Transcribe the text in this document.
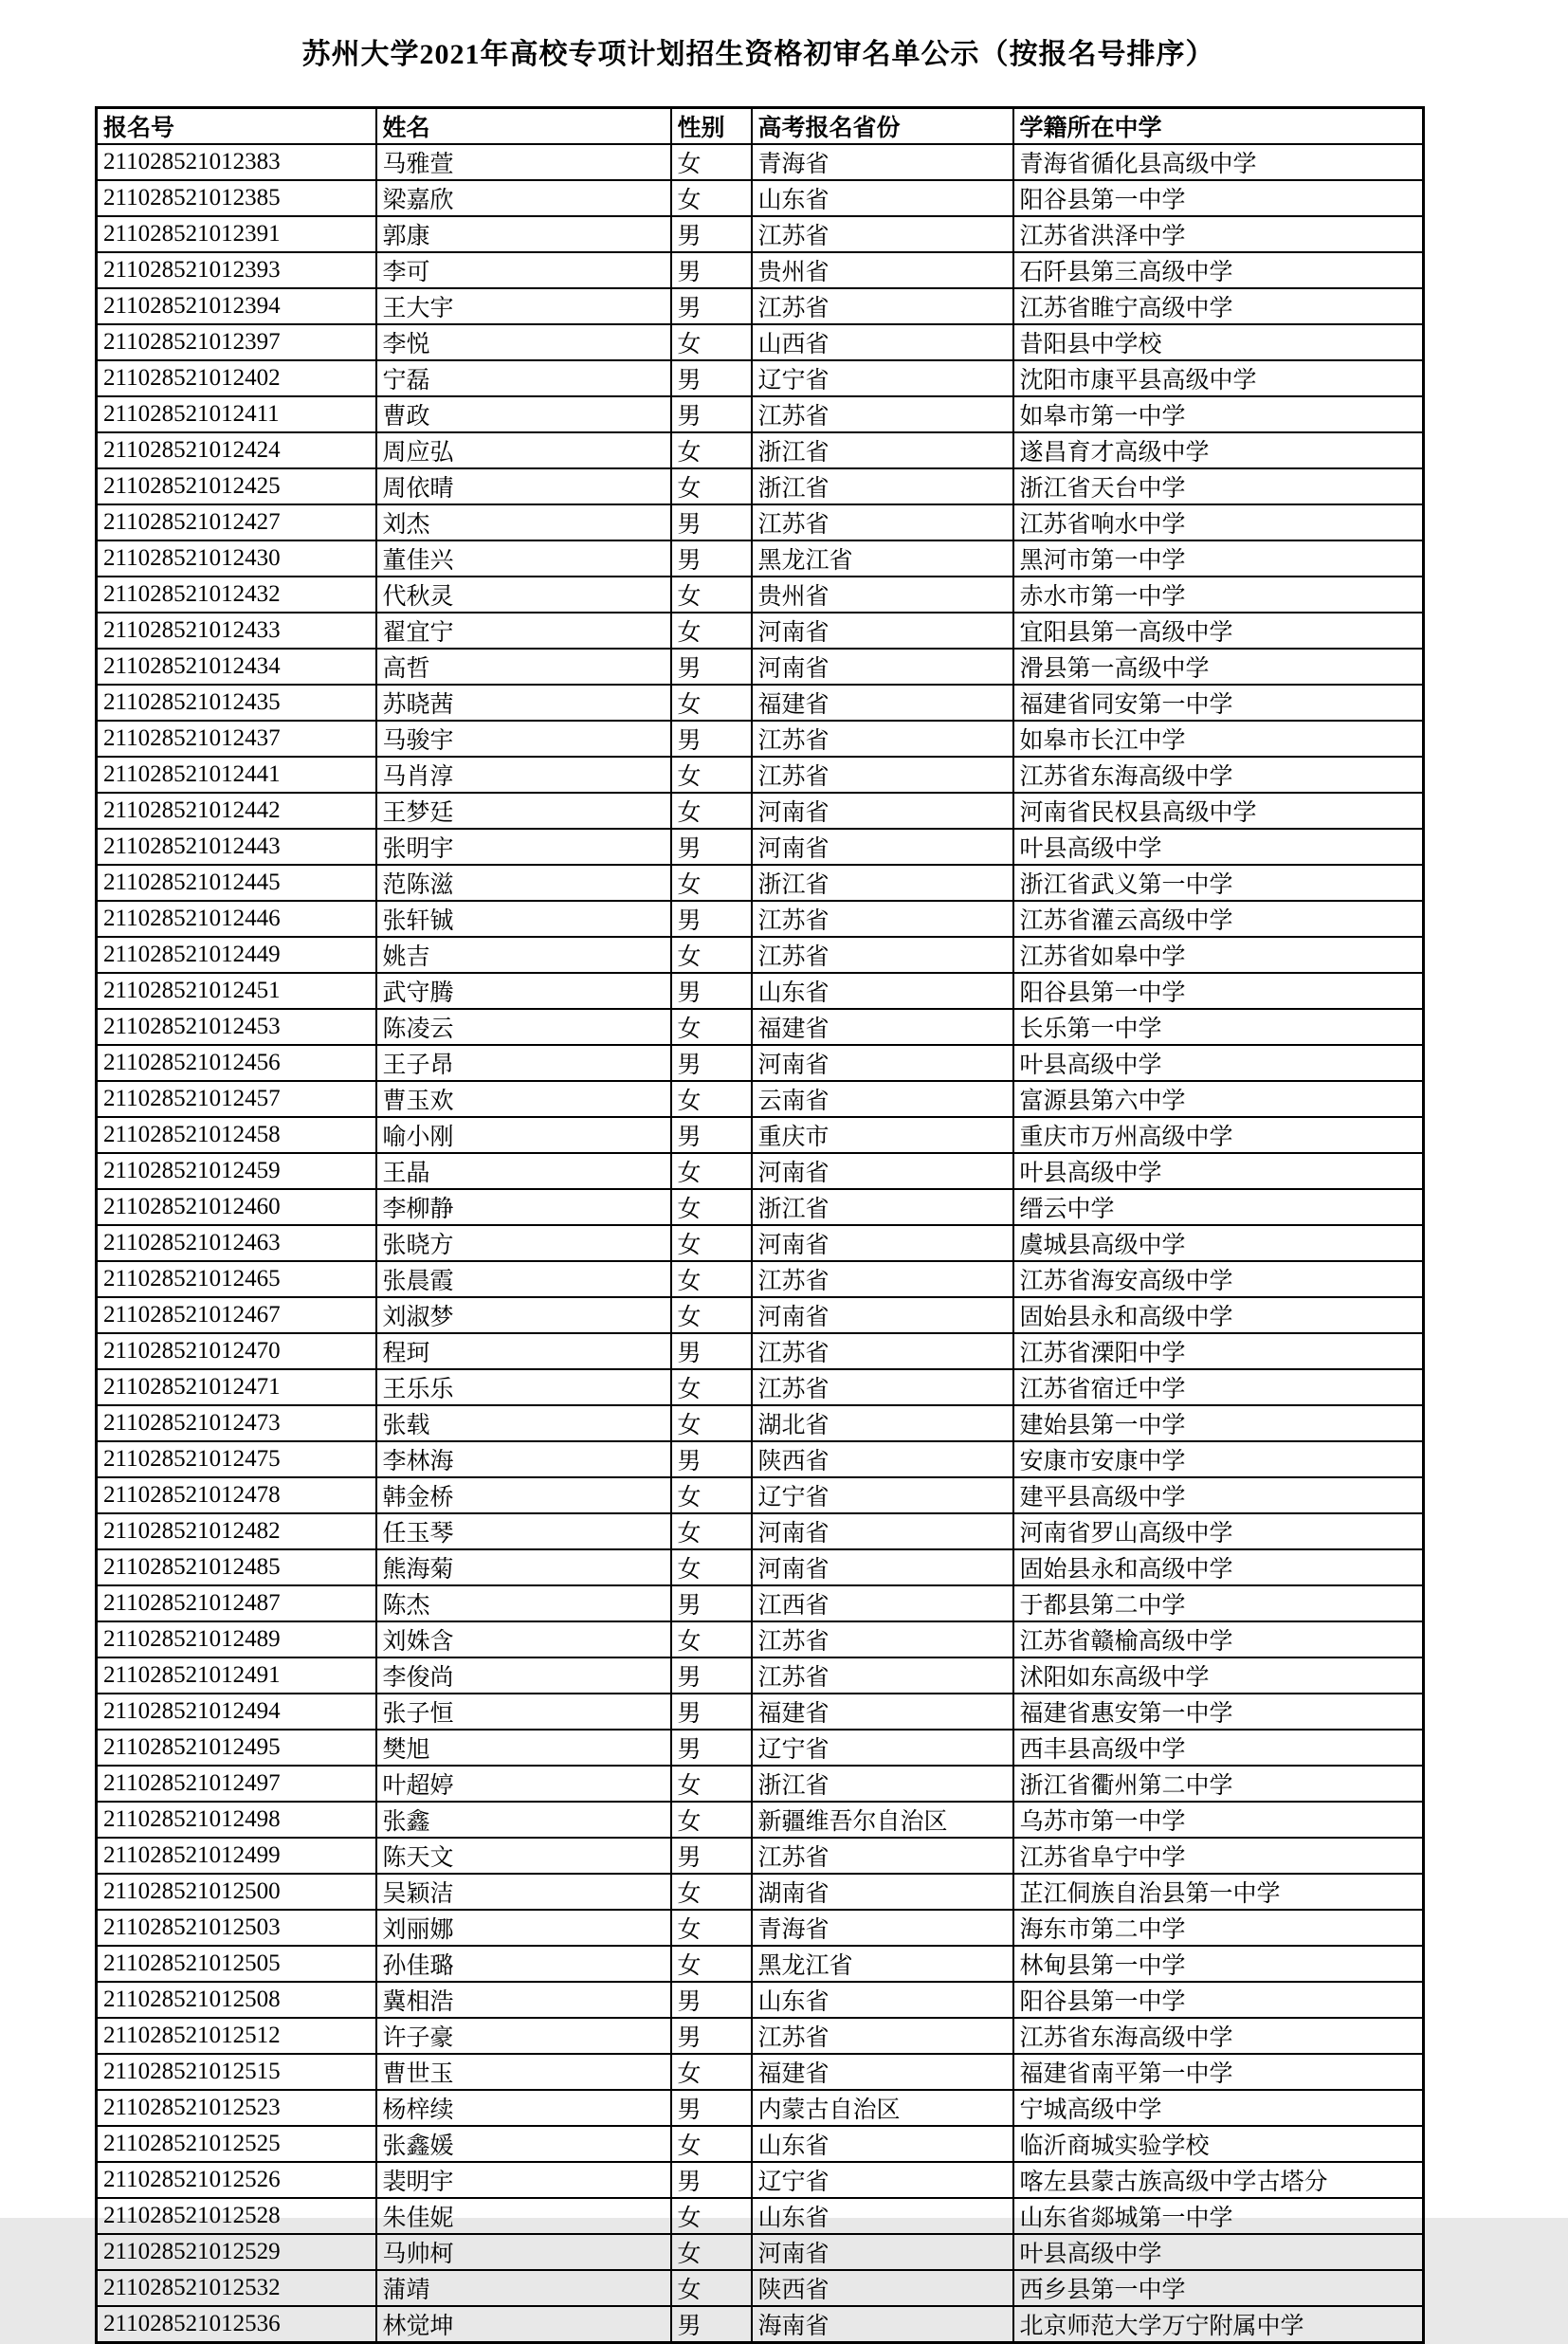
苏州大学2021年高校专项计划招生资格初审名单公示（按报名号排序）
报名号	姓名	性别	高考报名省份	学籍所在中学
211028521012383	马雅萱	女	青海省	青海省循化县高级中学
211028521012385	梁嘉欣	女	山东省	阳谷县第一中学
211028521012391	郭康	男	江苏省	江苏省洪泽中学
211028521012393	李可	男	贵州省	石阡县第三高级中学
211028521012394	王大宇	男	江苏省	江苏省睢宁高级中学
211028521012397	李悦	女	山西省	昔阳县中学校
211028521012402	宁磊	男	辽宁省	沈阳市康平县高级中学
211028521012411	曹政	男	江苏省	如皋市第一中学
211028521012424	周应弘	女	浙江省	遂昌育才高级中学
211028521012425	周依晴	女	浙江省	浙江省天台中学
211028521012427	刘杰	男	江苏省	江苏省响水中学
211028521012430	董佳兴	男	黑龙江省	黑河市第一中学
211028521012432	代秋灵	女	贵州省	赤水市第一中学
211028521012433	翟宜宁	女	河南省	宜阳县第一高级中学
211028521012434	高哲	男	河南省	滑县第一高级中学
211028521012435	苏晓茜	女	福建省	福建省同安第一中学
211028521012437	马骏宇	男	江苏省	如皋市长江中学
211028521012441	马肖淳	女	江苏省	江苏省东海高级中学
211028521012442	王梦廷	女	河南省	河南省民权县高级中学
211028521012443	张明宇	男	河南省	叶县高级中学
211028521012445	范陈滋	女	浙江省	浙江省武义第一中学
211028521012446	张轩铖	男	江苏省	江苏省灌云高级中学
211028521012449	姚吉	女	江苏省	江苏省如皋中学
211028521012451	武守腾	男	山东省	阳谷县第一中学
211028521012453	陈凌云	女	福建省	长乐第一中学
211028521012456	王子昂	男	河南省	叶县高级中学
211028521012457	曹玉欢	女	云南省	富源县第六中学
211028521012458	喻小刚	男	重庆市	重庆市万州高级中学
211028521012459	王晶	女	河南省	叶县高级中学
211028521012460	李柳静	女	浙江省	缙云中学
211028521012463	张晓方	女	河南省	虞城县高级中学
211028521012465	张晨霞	女	江苏省	江苏省海安高级中学
211028521012467	刘淑梦	女	河南省	固始县永和高级中学
211028521012470	程珂	男	江苏省	江苏省溧阳中学
211028521012471	王乐乐	女	江苏省	江苏省宿迁中学
211028521012473	张载	女	湖北省	建始县第一中学
211028521012475	李林海	男	陕西省	安康市安康中学
211028521012478	韩金桥	女	辽宁省	建平县高级中学
211028521012482	任玉琴	女	河南省	河南省罗山高级中学
211028521012485	熊海菊	女	河南省	固始县永和高级中学
211028521012487	陈杰	男	江西省	于都县第二中学
211028521012489	刘姝含	女	江苏省	江苏省赣榆高级中学
211028521012491	李俊尚	男	江苏省	沭阳如东高级中学
211028521012494	张子恒	男	福建省	福建省惠安第一中学
211028521012495	樊旭	男	辽宁省	西丰县高级中学
211028521012497	叶超婷	女	浙江省	浙江省衢州第二中学
211028521012498	张鑫	女	新疆维吾尔自治区	乌苏市第一中学
211028521012499	陈天文	男	江苏省	江苏省阜宁中学
211028521012500	吴颖洁	女	湖南省	芷江侗族自治县第一中学
211028521012503	刘丽娜	女	青海省	海东市第二中学
211028521012505	孙佳璐	女	黑龙江省	林甸县第一中学
211028521012508	冀相浩	男	山东省	阳谷县第一中学
211028521012512	许子豪	男	江苏省	江苏省东海高级中学
211028521012515	曹世玉	女	福建省	福建省南平第一中学
211028521012523	杨梓续	男	内蒙古自治区	宁城高级中学
211028521012525	张鑫媛	女	山东省	临沂商城实验学校
211028521012526	裴明宇	男	辽宁省	喀左县蒙古族高级中学古塔分
211028521012528	朱佳妮	女	山东省	山东省郯城第一中学
211028521012529	马帅柯	女	河南省	叶县高级中学
211028521012532	蒲靖	女	陕西省	西乡县第一中学
211028521012536	林觉坤	男	海南省	北京师范大学万宁附属中学
